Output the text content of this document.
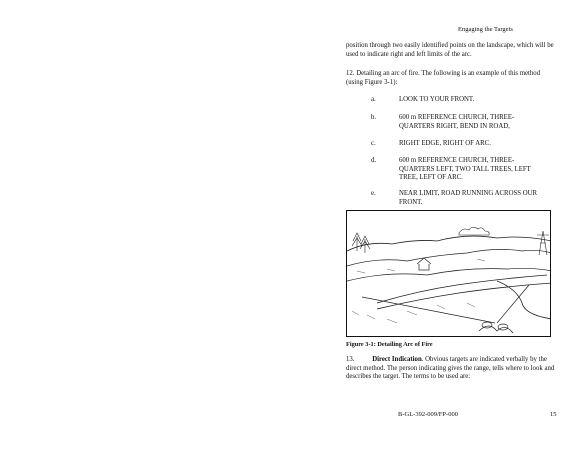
Engaging the Targets

position through two easily identified points on the landscape, which will be used to indicate right and left limits of the arc.

12. Detailing an arc of fire. The following is an example of this method (using Figure 3-1):

a.	LOOK TO YOUR FRONT.
b.	600 m REFERENCE CHURCH, THREE-QUARTERS RIGHT, BEND IN ROAD,
c.	RIGHT EDGE, RIGHT OF ARC.
d.	600 m REFERENCE CHURCH, THREE-QUARTERS LEFT, TWO TALL TREES, LEFT TREE, LEFT OF ARC.
e.	NEAR LIMIT, ROAD RUNNING ACROSS OUR FRONT.
Figure 3-1: Detailing Arc of Fire

13.	Direct Indication. Obvious targets are indicated verbally by the direct method. The person indicating gives the range, tells where to look and describes the target. The terms to be used are:

B-GL-392-009/FP-000	15
